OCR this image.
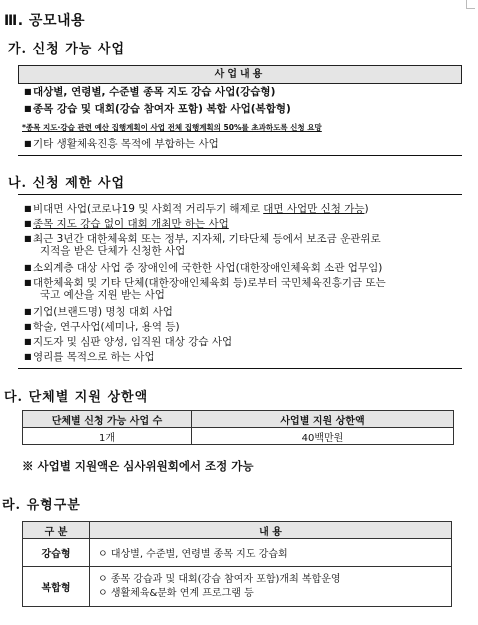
Ⅲ. 공모내용
가. 신청 가능 사업
사업내용
■대상별, 연령별, 수준별 종목 지도 강습 사업(강습형)
■종목 강습 및 대회(강습 참여자 포함) 복합 사업(복합형)
*종목 지도·강습 관련 예산 집행계획이 사업 전체 집행계획의 50%를 초과하도록 신청 요망
■기타 생활체육진흥 목적에 부합하는 사업
나. 신청 제한 사업
■비대면 사업(코로나19 및 사회적 거리두기 해제로 대면 사업만 신청 가능)
■종목 지도 강습 없이 대회 개최만 하는 사업
■최근 3년간 대한체육회 또는 정부, 지자체, 기타단체 등에서 보조금 운관위로
지적을 받은 단체가 신청한 사업
■소외계층 대상 사업 중 장애인에 국한한 사업(대한장애인체육회 소관 업무임)
■대한체육회 및 기타 단체(대한장애인체육회 등)로부터 국민체육진흥기금 또는
국고 예산을 지원 받는 사업
■기업(브랜드명) 명칭 대회 사업
■학술, 연구사업(세미나, 용역 등)
■지도자 및 심판 양성, 임직원 대상 강습 사업
■영리를 목적으로 하는 사업
다. 단체별 지원 상한액
단체별 신청 가능 사업 수	사업별 지원 상한액
1개	40백만원
※ 사업별 지원액은 심사위원회에서 조정 가능
라. 유형구분
구 분	내 용
강습형	ㅇ 대상별, 수준별, 연령별 종목 지도 강습회
복합형	ㅇ 종목 강습과 및 대회(강습 참여자 포함)개최 복합운영
ㅇ 생활체육&문화 연계 프로그램 등
